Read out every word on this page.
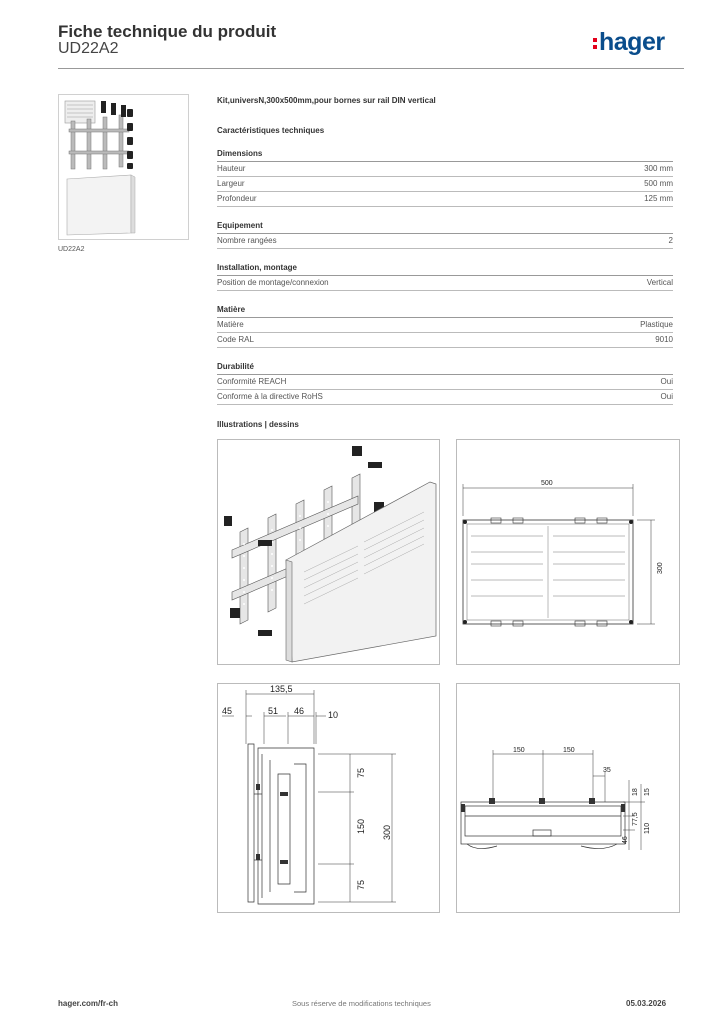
Fiche technique du produit
UD22A2	hager
UD22A2
Kit,universN,300x500mm,pour bornes sur rail DIN vertical
Caractéristiques techniques
Dimensions
Hauteur	300 mm
Largeur	500 mm
Profondeur	125 mm
Equipement
Nombre rangées	2
Installation, montage
Position de montage/connexion	Vertical
Matière
Matière	Plastique
Code RAL	9010
Durabilité
Conformité REACH	Oui
Conforme à la directive RoHS	Oui
Illustrations | dessins
500
300
135,5
45	51 46	10
75
150
75
300
150	150
35
18 15
77,5
46
110
hager.com/fr-ch	Sous réserve de modifications techniques	05.03.2026
